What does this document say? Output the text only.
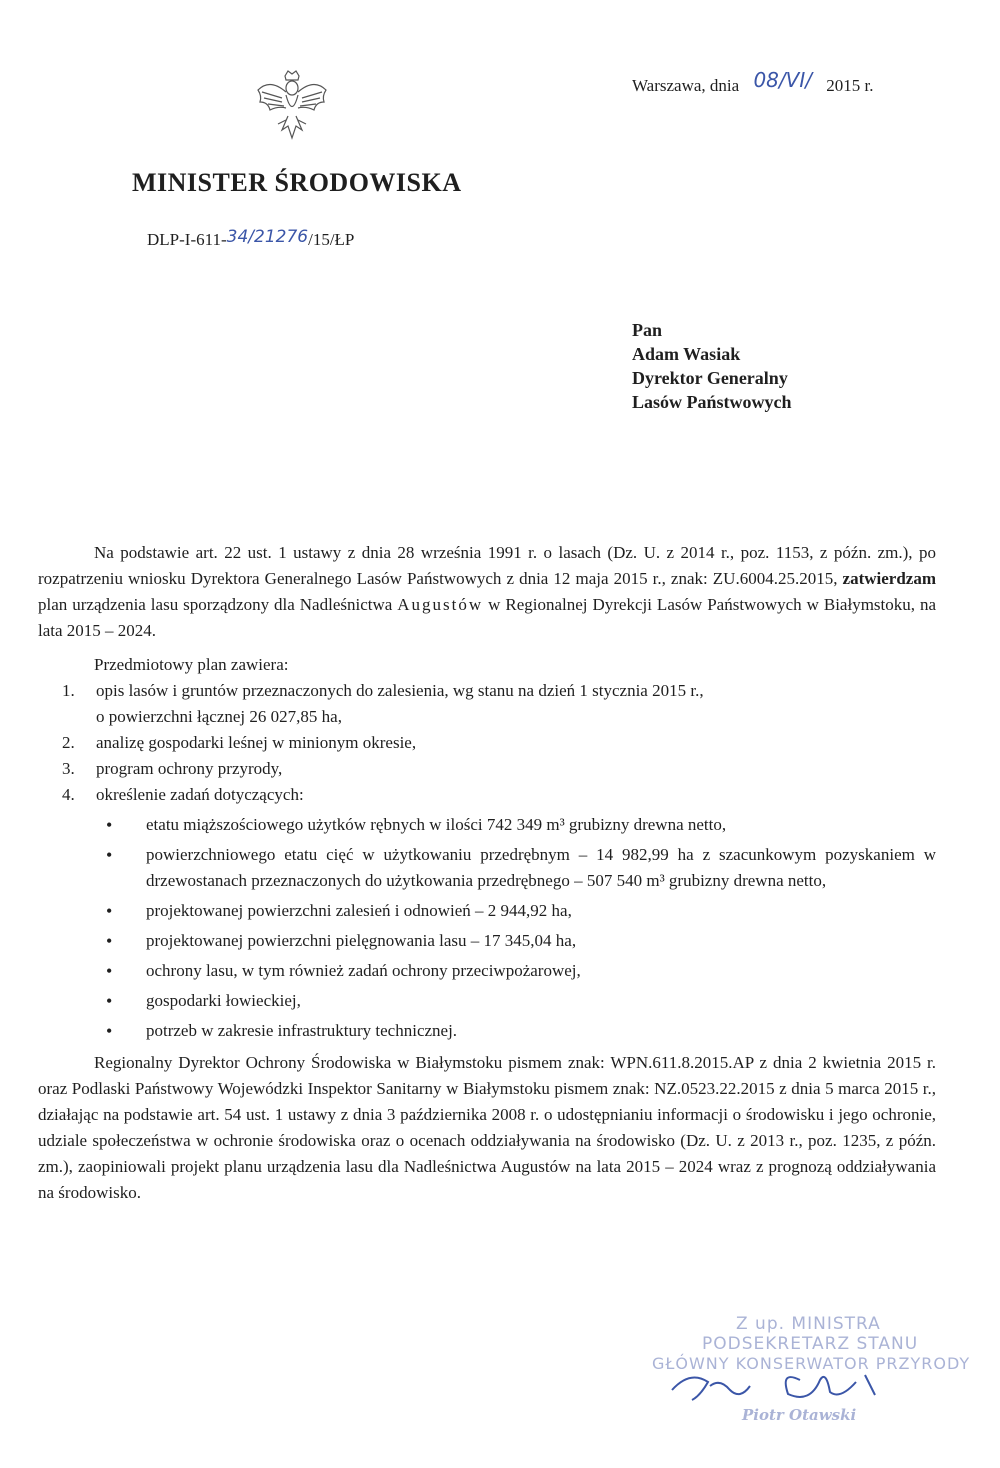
Warszawa, dnia 08/VI/ 2015 r.
MINISTER ŚRODOWISKA
DLP-I-611-34/21276/15/ŁP
Pan
Adam Wasiak
Dyrektor Generalny
Lasów Państwowych

Na podstawie art. 22 ust. 1 ustawy z dnia 28 września 1991 r. o lasach (Dz. U. z 2014 r., poz. 1153, z późn. zm.), po rozpatrzeniu wniosku Dyrektora Generalnego Lasów Państwowych z dnia 12 maja 2015 r., znak: ZU.6004.25.2015, zatwierdzam plan urządzenia lasu sporządzony dla Nadleśnictwa Augustów w Regionalnej Dyrekcji Lasów Państwowych w Białymstoku, na lata 2015 – 2024.

Przedmiotowy plan zawiera:
1. opis lasów i gruntów przeznaczonych do zalesienia, wg stanu na dzień 1 stycznia 2015 r.,
o powierzchni łącznej 26 027,85 ha,
2. analizę gospodarki leśnej w minionym okresie,
3. program ochrony przyrody,
4. określenie zadań dotyczących:
• etatu miąższościowego użytków rębnych w ilości 742 349 m³ grubizny drewna netto,
• powierzchniowego etatu cięć w użytkowaniu przedrębnym – 14 982,99 ha z szacunkowym pozyskaniem w drzewostanach przeznaczonych do użytkowania przedrębnego – 507 540 m³ grubizny drewna netto,
• projektowanej powierzchni zalesień i odnowień – 2 944,92 ha,
• projektowanej powierzchni pielęgnowania lasu – 17 345,04 ha,
• ochrony lasu, w tym również zadań ochrony przeciwpożarowej,
• gospodarki łowieckiej,
• potrzeb w zakresie infrastruktury technicznej.

Regionalny Dyrektor Ochrony Środowiska w Białymstoku pismem znak: WPN.611.8.2015.AP z dnia 2 kwietnia 2015 r. oraz Podlaski Państwowy Wojewódzki Inspektor Sanitarny w Białymstoku pismem znak: NZ.0523.22.2015 z dnia 5 marca 2015 r., działając na podstawie art. 54 ust. 1 ustawy z dnia 3 października 2008 r. o udostępnianiu informacji o środowisku i jego ochronie, udziale społeczeństwa w ochronie środowiska oraz o ocenach oddziaływania na środowisko (Dz. U. z 2013 r., poz. 1235, z późn. zm.), zaopiniowali projekt planu urządzenia lasu dla Nadleśnictwa Augustów na lata 2015 – 2024 wraz z prognozą oddziaływania na środowisko.

Z up. MINISTRA
PODSEKRETARZ STANU
GŁÓWNY KONSERWATOR PRZYRODY
Piotr Otawski
